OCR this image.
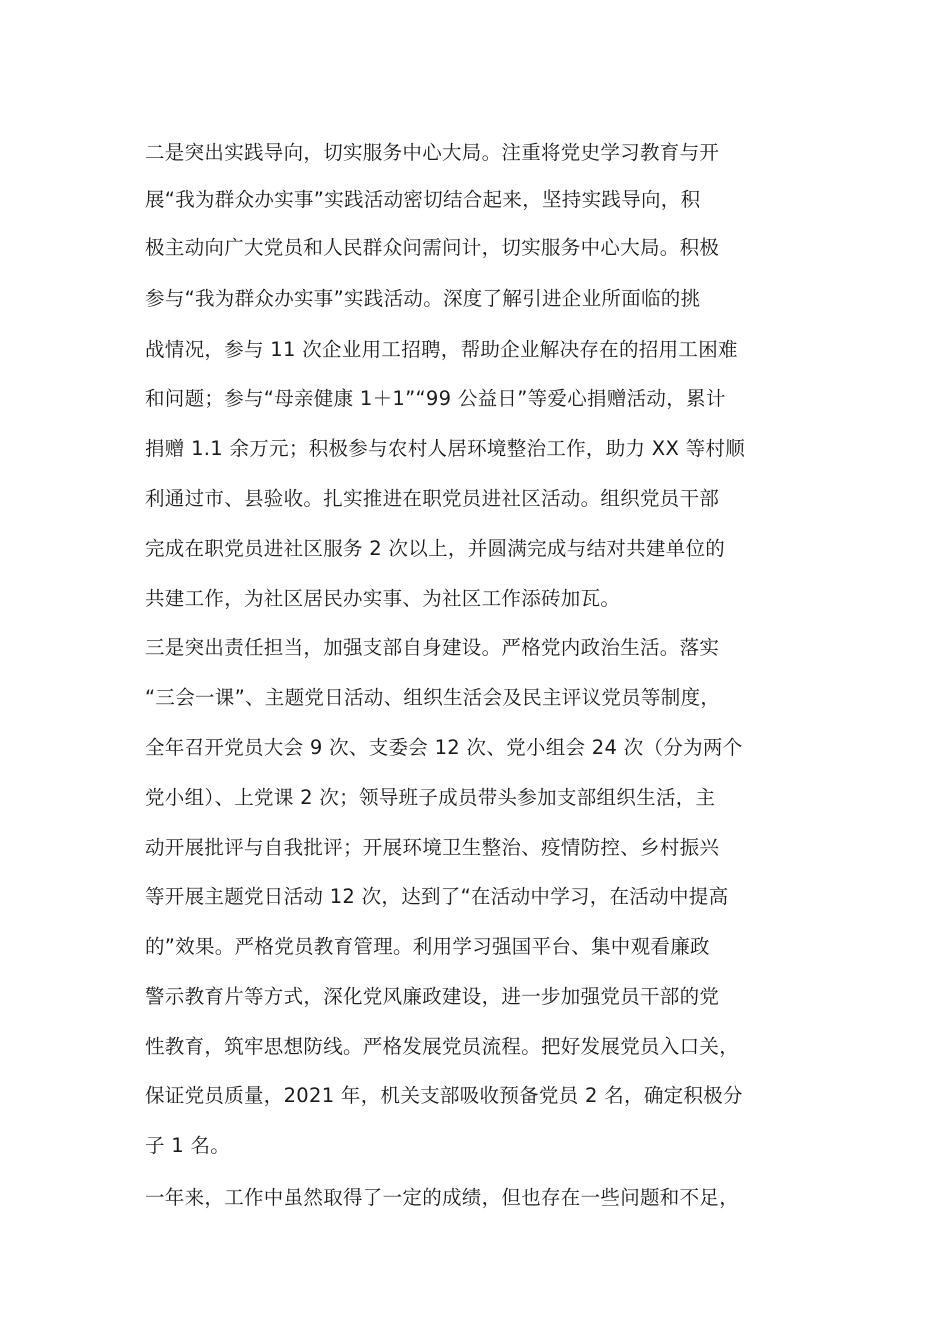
二是突出实践导向，切实服务中心大局。注重将党史学习教育与开
展“我为群众办实事”实践活动密切结合起来，坚持实践导向，积
极主动向广大党员和人民群众问需问计，切实服务中心大局。积极
参与“我为群众办实事”实践活动。深度了解引进企业所面临的挑
战情况，参与 11 次企业用工招聘，帮助企业解决存在的招用工困难
和问题；参与“母亲健康 1＋1”“99 公益日”等爱心捐赠活动，累计
捐赠 1.1 余万元；积极参与农村人居环境整治工作，助力 XX 等村顺
利通过市、县验收。扎实推进在职党员进社区活动。组织党员干部
完成在职党员进社区服务 2 次以上，并圆满完成与结对共建单位的
共建工作，为社区居民办实事、为社区工作添砖加瓦。
三是突出责任担当，加强支部自身建设。严格党内政治生活。落实
“三会一课”、主题党日活动、组织生活会及民主评议党员等制度，
全年召开党员大会 9 次、支委会 12 次、党小组会 24 次（分为两个
党小组）、上党课 2 次；领导班子成员带头参加支部组织生活，主
动开展批评与自我批评；开展环境卫生整治、疫情防控、乡村振兴
等开展主题党日活动 12 次，达到了“在活动中学习，在活动中提高
的”效果。严格党员教育管理。利用学习强国平台、集中观看廉政
警示教育片等方式，深化党风廉政建设，进一步加强党员干部的党
性教育，筑牢思想防线。严格发展党员流程。把好发展党员入口关，
保证党员质量，2021 年，机关支部吸收预备党员 2 名，确定积极分
子 1 名。
一年来，工作中虽然取得了一定的成绩，但也存在一些问题和不足，
